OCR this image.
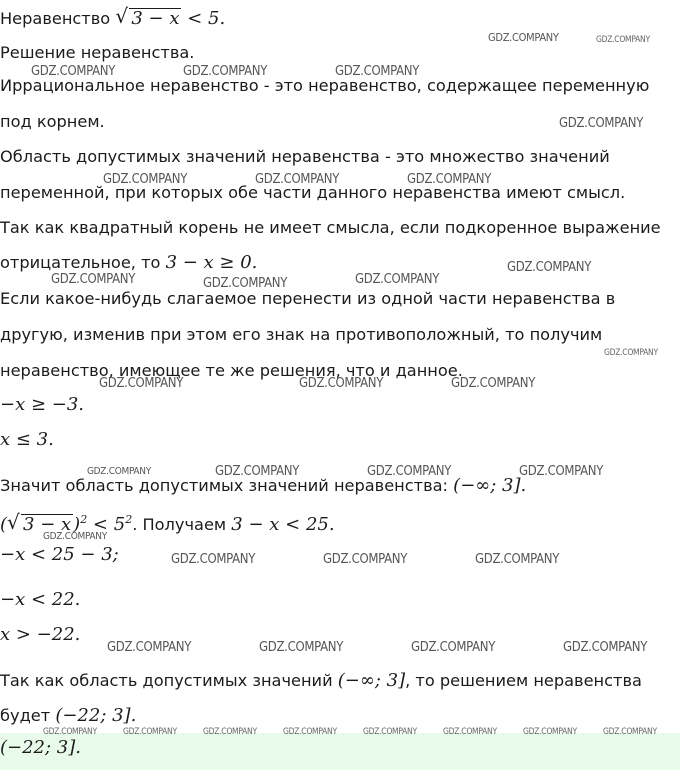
Неравенство √ 3 − x < 5.
Решение неравенства.
Иррациональное неравенство - это неравенство, содержащее переменную
под корнем.
Область допустимых значений неравенства - это множество значений
переменной, при которых обе части данного неравенства имеют смысл.
Так как квадратный корень не имеет смысла, если подкоренное выражение
отрицательное, то 3 − x ≥ 0.
Если какое-нибудь слагаемое перенести из одной части неравенства в
другую, изменив при этом его знак на противоположный, то получим
неравенство, имеющее те же решения, что и данное.
−x ≥ −3.
x ≤ 3.
Значит область допустимых значений неравенства: (−∞; 3].
( √ 3 − x )$^2 < 5^2$. Получаем 3 − x < 25.
−x < 25 − 3;
−x < 22.
x > −22.
Так как область допустимых значений (−∞; 3], то решением неравенства
будет (−22; 3].
(−22; 3].
GDZ.COMPANY	GDZ.COMPANY
GDZ.COMPANY	GDZ.COMPANY	GDZ.COMPANY
GDZ.COMPANY
GDZ.COMPANY	GDZ.COMPANY	GDZ.COMPANY
GDZ.COMPANY
GDZ.COMPANY	GDZ.COMPANY	GDZ.COMPANY
GDZ.COMPANY
GDZ.COMPANY	GDZ.COMPANY	GDZ.COMPANY
GDZ.COMPANY	GDZ.COMPANY	GDZ.COMPANY	GDZ.COMPANY
GDZ.COMPANY
GDZ.COMPANY	GDZ.COMPANY	GDZ.COMPANY
GDZ.COMPANY	GDZ.COMPANY	GDZ.COMPANY	GDZ.COMPANY
GDZ.COMPANY	GDZ.COMPANY	GDZ.COMPANY	GDZ.COMPANY	GDZ.COMPANY	GDZ.COMPANY	GDZ.COMPANY	GDZ.COMPANY
